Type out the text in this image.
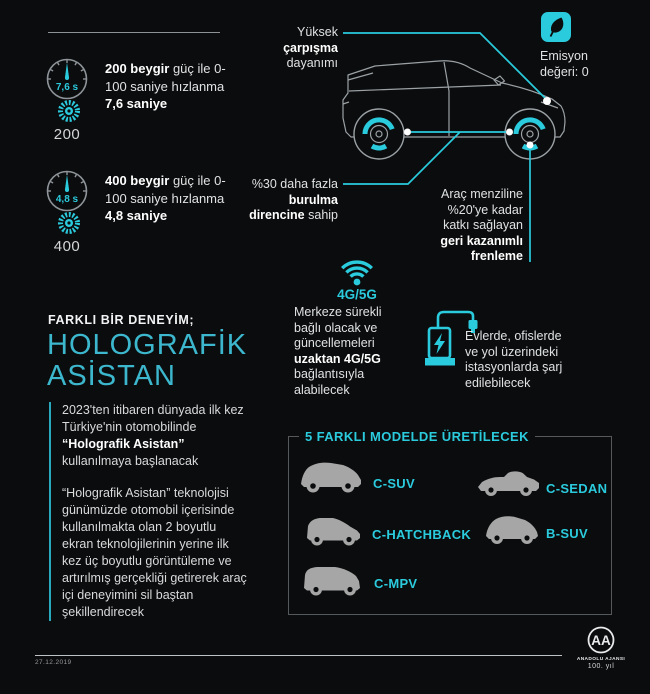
7,6 s
200
200 beygir güç ile 0-100 saniye hızlanma 7,6 saniye
4,8 s
400
400 beygir güç ile 0-100 saniye hızlanma 4,8 saniye
Yüksek çarpışma dayanımı	Emisyon değeri: 0
%30 daha fazla burulma direncine sahip
Araç menziline %20'ye kadar katkı sağlayan geri kazanımlı frenleme
4G/5G
Merkeze sürekli bağlı olacak ve güncellemeleri uzaktan 4G/5G bağlantısıyla alabilecek
Evlerde, ofislerde ve yol üzerindeki istasyonlarda şarj edilebilecek
FARKLI BİR DENEYİM;
HOLOGRAFİK
ASİSTAN

2023'ten itibaren dünyada ilk kez Türkiye'nin otomobilinde “Holografik Asistan” kullanılmaya başlanacak

“Holografik Asistan” teknolojisi günümüzde otomobil içerisinde kullanılmakta olan 2 boyutlu ekran teknolojilerinin yerine ilk kez üç boyutlu görüntüleme ve artırılmış gerçekliği getirerek araç içi deneyimini sil baştan şekillendirecek

5 FARKLI MODELDE ÜRETİLECEK
C-SUV	C-SEDAN
C-HATCHBACK	B-SUV
C-MPV
27.12.2019
AA
ANADOLU AJANSI
100. yıl
